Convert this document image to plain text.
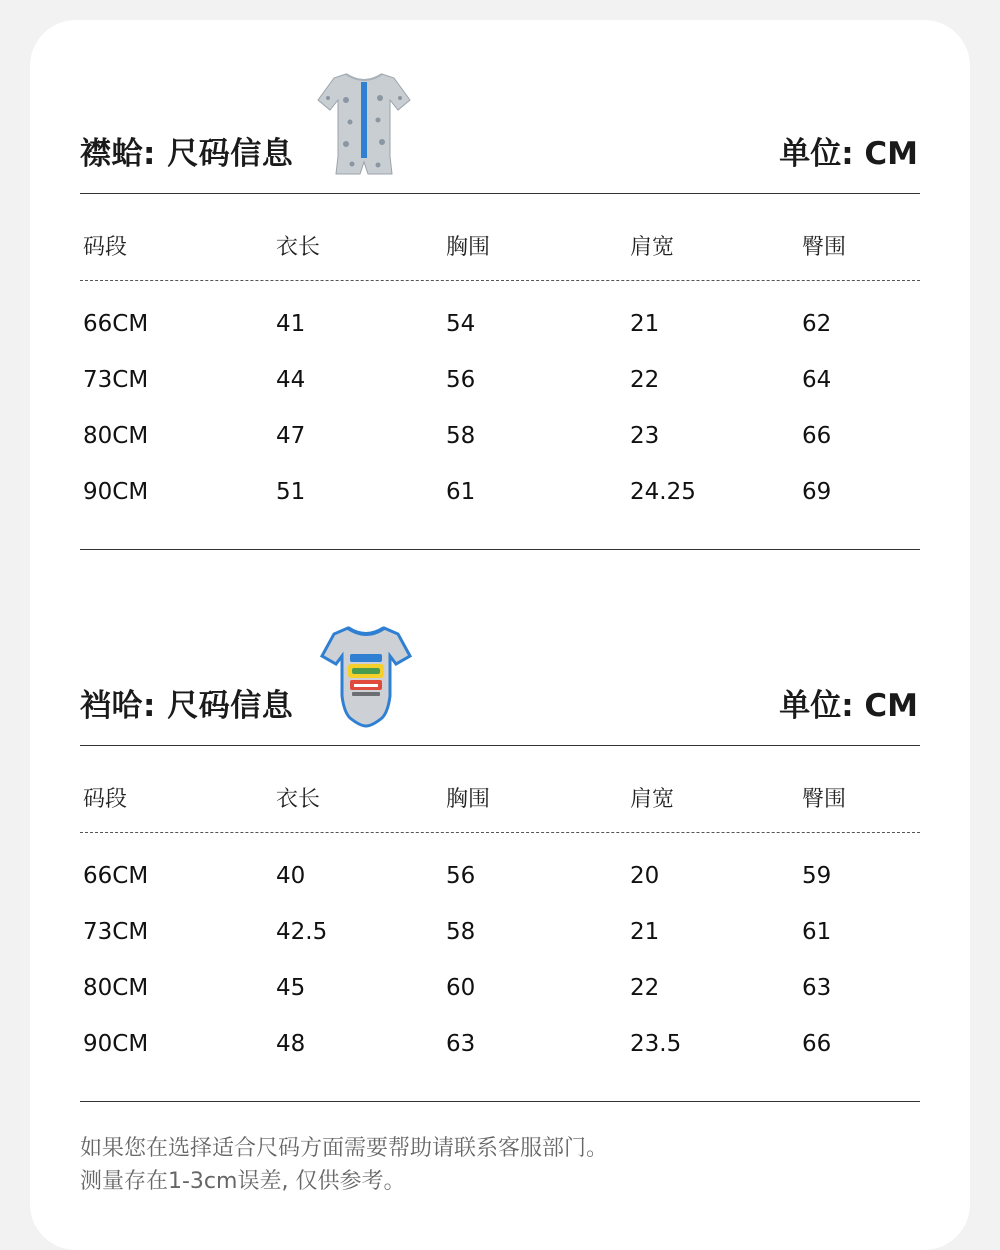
襟蛤: 尺码信息	单位: CM
码段	衣长	胸围	肩宽	臀围
66CM	41	54	21	62
73CM	44	56	22	64
80CM	47	58	23	66
90CM	51	61	24.25	69
裆哈: 尺码信息	单位: CM
码段	衣长	胸围	肩宽	臀围
66CM	40	56	20	59
73CM	42.5	58	21	61
80CM	45	60	22	63
90CM	48	63	23.5	66
如果您在选择适合尺码方面需要帮助请联系客服部门。
测量存在1-3cm误差, 仅供参考。
